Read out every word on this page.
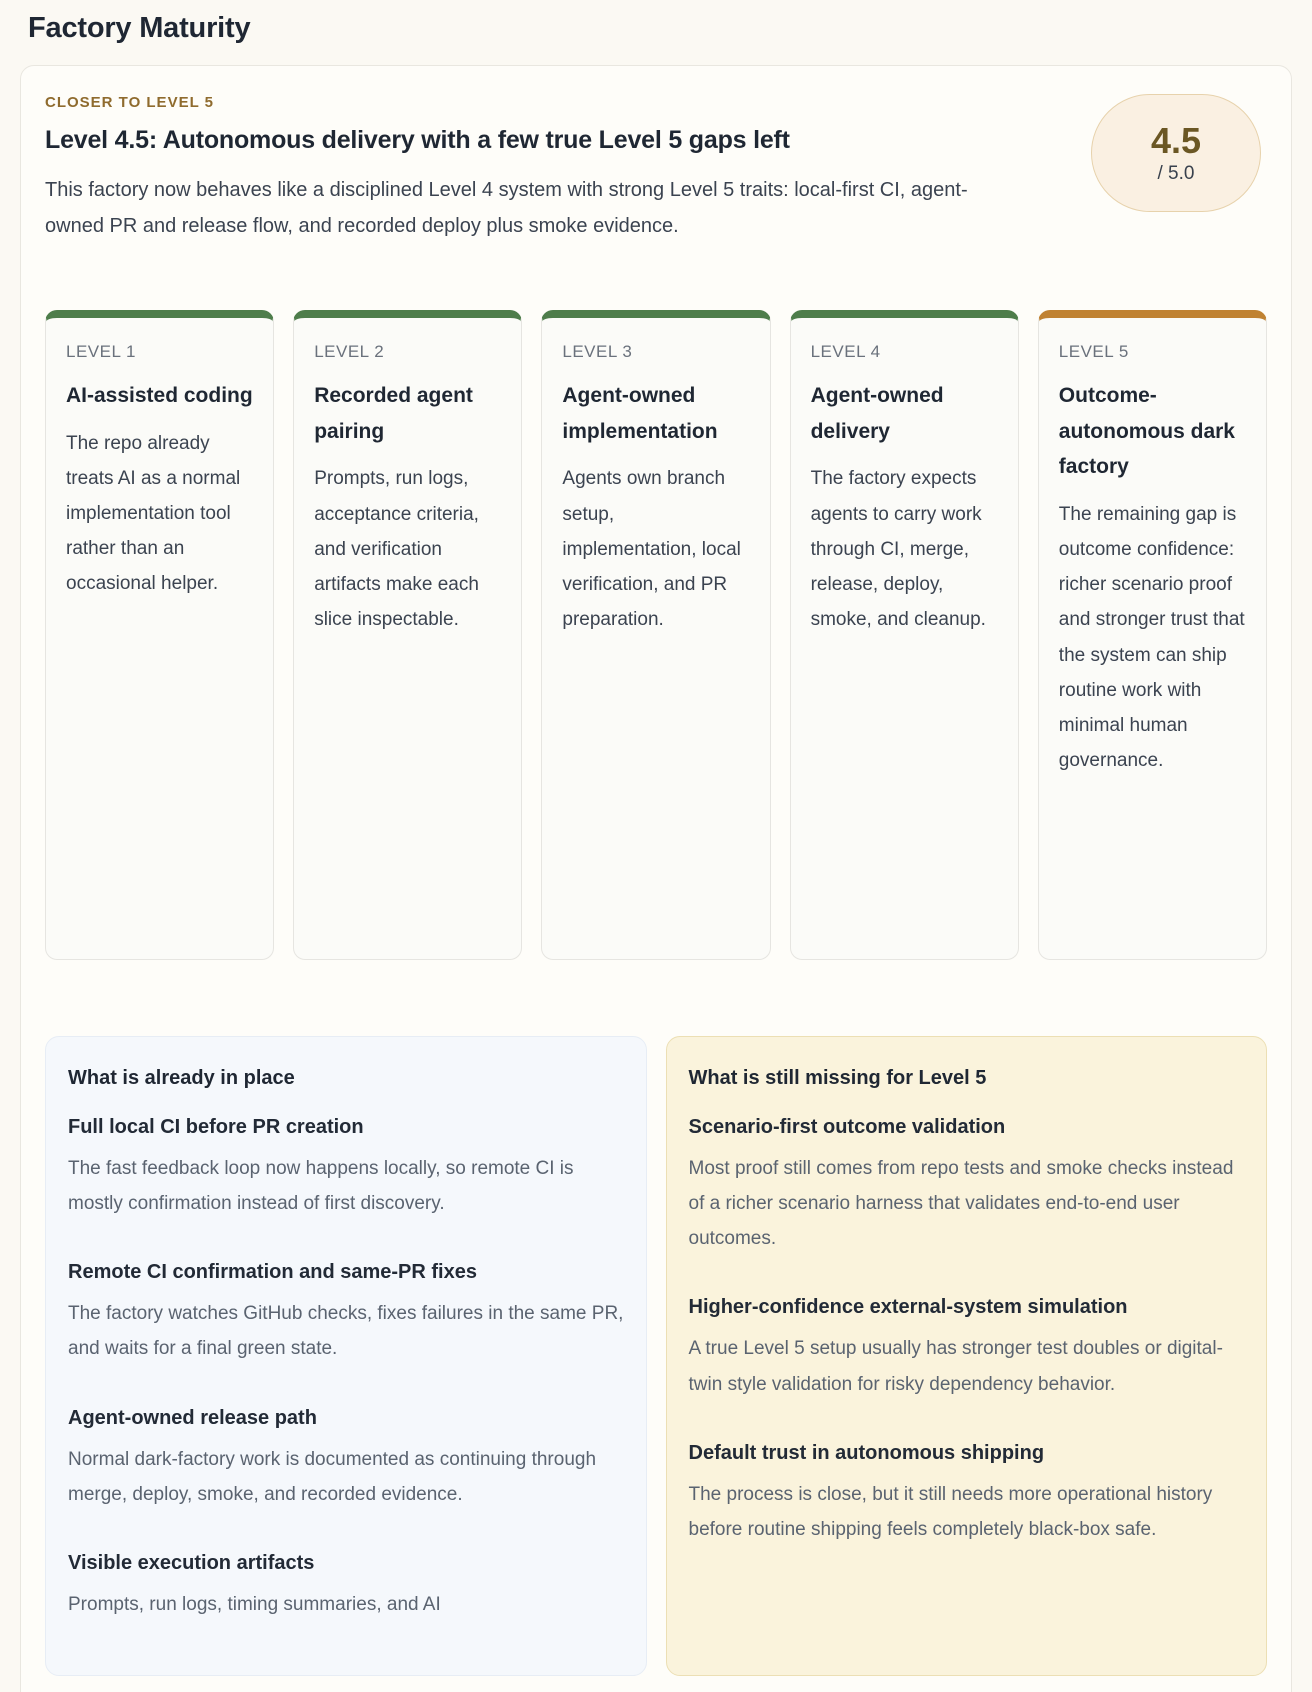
Factory Maturity
CLOSER TO LEVEL 5
Level 4.5: Autonomous delivery with a few true Level 5 gaps left

This factory now behaves like a disciplined Level 4 system with strong Level 5 traits: local-first CI, agent-owned PR and release flow, and recorded deploy plus smoke evidence.

4.5
/ 5.0
LEVEL 1
AI-assisted coding

The repo already treats AI as a normal implementation tool rather than an occasional helper.

LEVEL 2
Recorded agent pairing

Prompts, run logs, acceptance criteria, and verification artifacts make each slice inspectable.

LEVEL 3
Agent-owned implementation

Agents own branch setup, implementation, local verification, and PR preparation.

LEVEL 4
Agent-owned delivery

The factory expects agents to carry work through CI, merge, release, deploy, smoke, and cleanup.

LEVEL 5
Outcome-autonomous dark factory

The remaining gap is outcome confidence: richer scenario proof and stronger trust that the system can ship routine work with minimal human governance.

What is already in place
Full local CI before PR creation

The fast feedback loop now happens locally, so remote CI is mostly confirmation instead of first discovery.

Remote CI confirmation and same-PR fixes

The factory watches GitHub checks, fixes failures in the same PR, and waits for a final green state.

Agent-owned release path

Normal dark-factory work is documented as continuing through merge, deploy, smoke, and recorded evidence.

Visible execution artifacts

Prompts, run logs, timing summaries, and AI

What is still missing for Level 5
Scenario-first outcome validation

Most proof still comes from repo tests and smoke checks instead of a richer scenario harness that validates end-to-end user outcomes.

Higher-confidence external-system simulation

A true Level 5 setup usually has stronger test doubles or digital-twin style validation for risky dependency behavior.

Default trust in autonomous shipping

The process is close, but it still needs more operational history before routine shipping feels completely black-box safe.
